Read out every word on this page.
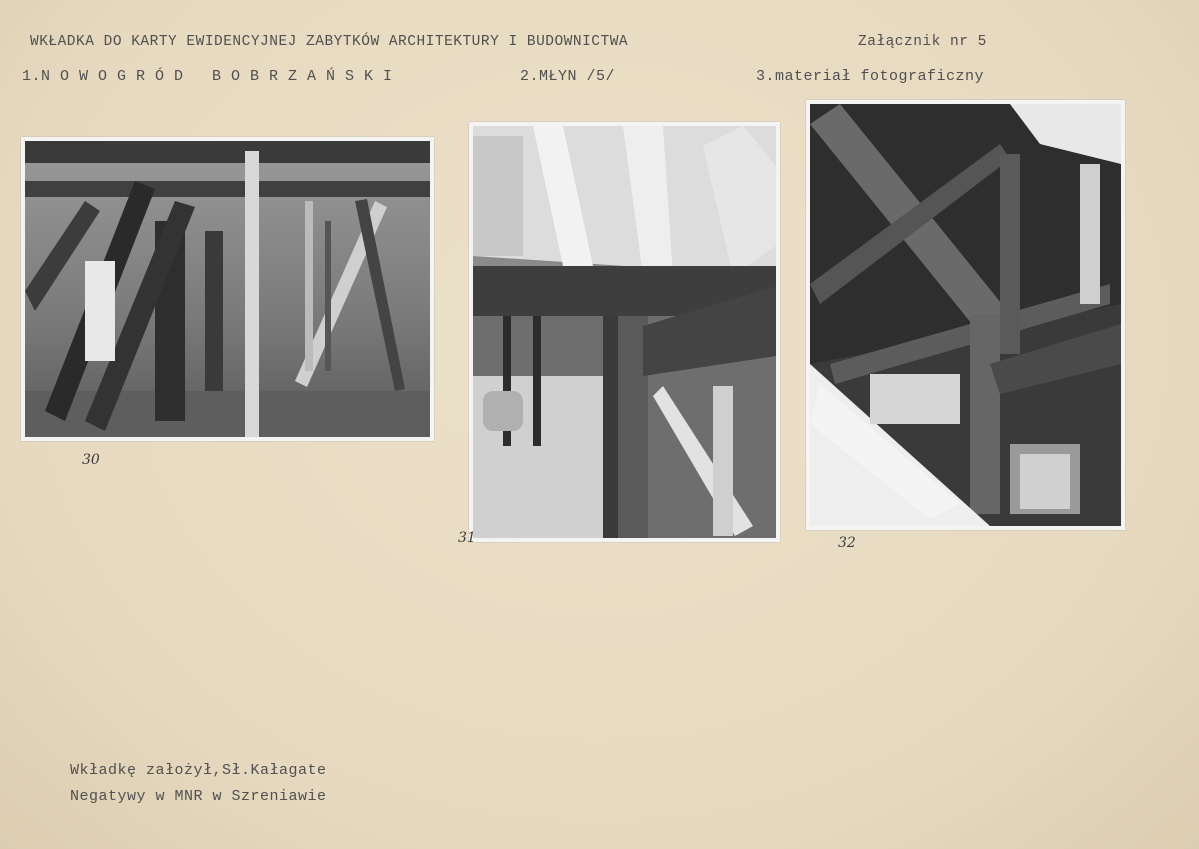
WKŁADKA DO KARTY EWIDENCYJNEJ ZABYTKÓW ARCHITEKTURY I BUDOWNICTWA	Załącznik nr 5
1.N O W O G R Ó D   B O B R Z A Ń S K I	2.MŁYN /5/	3.materiał fotograficzny
30
31	32
Wkładkę założył,Sł.Kałagate
Negatywy w MNR w Szreniawie
